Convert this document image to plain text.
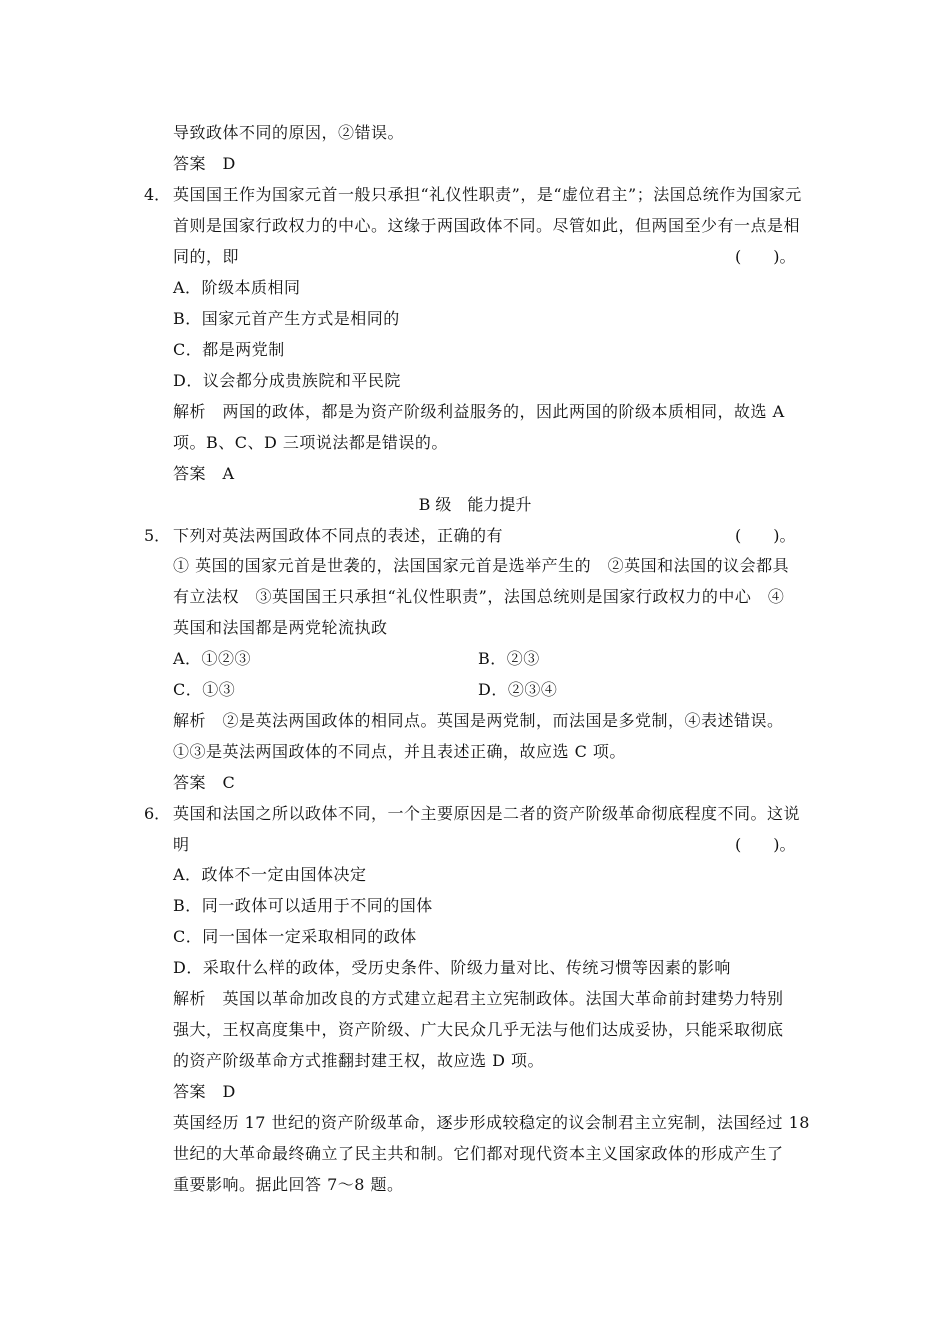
导致政体不同的原因，②错误。
答案　D
4． 英国国王作为国家元首一般只承担“礼仪性职责”，是“虚位君主”；法国总统作为国家元
首则是国家行政权力的中心。这缘于两国政体不同。尽管如此，但两国至少有一点是相
同的，即	(　　)。
A．阶级本质相同
B．国家元首产生方式是相同的
C．都是两党制
D．议会都分成贵族院和平民院
解析　两国的政体，都是为资产阶级利益服务的，因此两国的阶级本质相同，故选 A
项。B、C、D 三项说法都是错误的。
答案　A
B 级　能力提升
5． 下列对英法两国政体不同点的表述，正确的有	(　　)。
① 英国的国家元首是世袭的，法国国家元首是选举产生的　②英国和法国的议会都具
有立法权　③英国国王只承担“礼仪性职责”，法国总统则是国家行政权力的中心　④
英国和法国都是两党轮流执政
A．①②③	B．②③
C．①③	D．②③④
解析　②是英法两国政体的相同点。英国是两党制，而法国是多党制，④表述错误。
①③是英法两国政体的不同点，并且表述正确，故应选 C 项。
答案　C
6． 英国和法国之所以政体不同，一个主要原因是二者的资产阶级革命彻底程度不同。这说
明	(　　)。
A．政体不一定由国体决定
B．同一政体可以适用于不同的国体
C．同一国体一定采取相同的政体
D．采取什么样的政体，受历史条件、阶级力量对比、传统习惯等因素的影响
解析　英国以革命加改良的方式建立起君主立宪制政体。法国大革命前封建势力特别
强大，王权高度集中，资产阶级、广大民众几乎无法与他们达成妥协，只能采取彻底
的资产阶级革命方式推翻封建王权，故应选 D 项。
答案　D
英国经历 17 世纪的资产阶级革命，逐步形成较稳定的议会制君主立宪制，法国经过 18
世纪的大革命最终确立了民主共和制。它们都对现代资本主义国家政体的形成产生了
重要影响。据此回答 7～8 题。
